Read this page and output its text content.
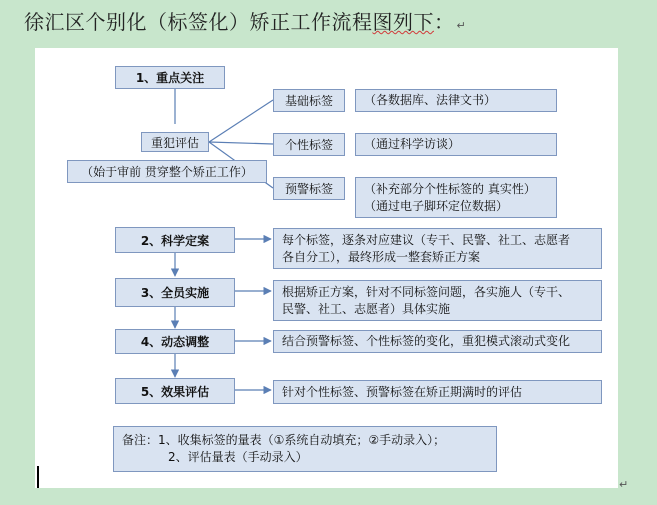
徐汇区个别化（标签化）矫正工作流程图列下： ↵
1、重点关注
重犯评估
（始于审前 贯穿整个矫正工作）
基础标签	（各数据库、法律文书）
个性标签	（通过科学访谈）
预警标签	（补充部分个性标签的 真实性）
（通过电子脚环定位数据）
2、科学定案	每个标签，逐条对应建议（专干、民警、社工、志愿者
各自分工），最终形成一整套矫正方案
3、全员实施	根据矫正方案，针对不同标签问题，各实施人（专干、
民警、社工、志愿者）具体实施
4、动态调整	结合预警标签、个性标签的变化，重犯模式滚动式变化
5、效果评估	针对个性标签、预警标签在矫正期满时的评估
备注：1、收集标签的量表（①系统自动填充；②手动录入）；
2、评估量表（手动录入）
↵
